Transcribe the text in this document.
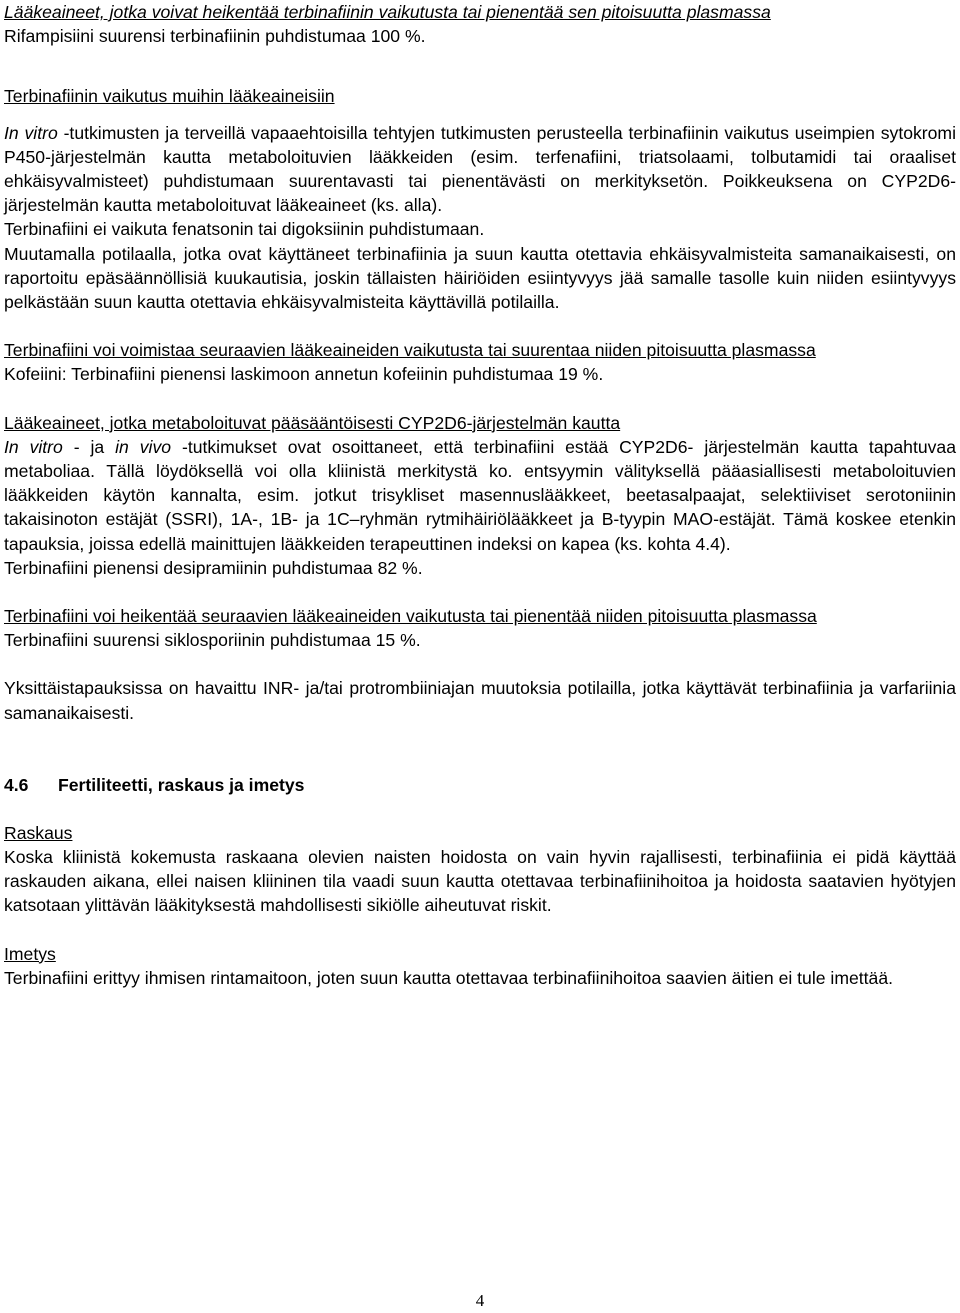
Lääkeaineet, jotka voivat heikentää terbinafiinin vaikutusta tai pienentää sen pitoisuutta plasmassa

Rifampisiini suurensi terbinafiinin puhdistumaa 100 %.

Terbinafiinin vaikutus muihin lääkeaineisiin

In vitro -tutkimusten ja terveillä vapaaehtoisilla tehtyjen tutkimusten perusteella terbinafiinin vaikutus useimpien sytokromi P450-järjestelmän kautta metaboloituvien lääkkeiden (esim. terfenafiini, triatsolaami, tolbutamidi tai oraaliset ehkäisyvalmisteet) puhdistumaan suurentavasti tai pienentävästi on merkityksetön. Poikkeuksena on CYP2D6- järjestelmän kautta metaboloituvat lääkeaineet (ks. alla).

Terbinafiini ei vaikuta fenatsonin tai digoksiinin puhdistumaan.

Muutamalla potilaalla, jotka ovat käyttäneet terbinafiinia ja suun kautta otettavia ehkäisyvalmisteita samanaikaisesti, on raportoitu epäsäännöllisiä kuukautisia, joskin tällaisten häiriöiden esiintyvyys jää samalle tasolle kuin niiden esiintyvyys pelkästään suun kautta otettavia ehkäisyvalmisteita käyttävillä potilailla.

Terbinafiini voi voimistaa seuraavien lääkeaineiden vaikutusta tai suurentaa niiden pitoisuutta plasmassa

Kofeiini: Terbinafiini pienensi laskimoon annetun kofeiinin puhdistumaa 19 %.

Lääkeaineet, jotka metaboloituvat pääsääntöisesti CYP2D6-järjestelmän kautta

In vitro - ja in vivo -tutkimukset ovat osoittaneet, että terbinafiini estää CYP2D6- järjestelmän kautta tapahtuvaa metaboliaa. Tällä löydöksellä voi olla kliinistä merkitystä ko. entsyymin välityksellä pääasiallisesti metaboloituvien lääkkeiden käytön kannalta, esim. jotkut trisykliset masennuslääkkeet, beetasalpaajat, selektiiviset serotoniinin takaisinoton estäjät (SSRI), 1A-, 1B- ja 1C–ryhmän rytmihäiriölääkkeet ja B-tyypin MAO-estäjät. Tämä koskee etenkin tapauksia, joissa edellä mainittujen lääkkeiden terapeuttinen indeksi on kapea (ks. kohta 4.4).

Terbinafiini pienensi desipramiinin puhdistumaa 82 %.

Terbinafiini voi heikentää seuraavien lääkeaineiden vaikutusta tai pienentää niiden pitoisuutta plasmassa

Terbinafiini suurensi siklosporiinin puhdistumaa 15 %.

Yksittäistapauksissa on havaittu INR- ja/tai protrombiiniajan muutoksia potilailla, jotka käyttävät terbinafiinia ja varfariinia samanaikaisesti.

4.6 Fertiliteetti, raskaus ja imetys

Raskaus

Koska kliinistä kokemusta raskaana olevien naisten hoidosta on vain hyvin rajallisesti, terbinafiinia ei pidä käyttää raskauden aikana, ellei naisen kliininen tila vaadi suun kautta otettavaa terbinafiinihoitoa ja hoidosta saatavien hyötyjen katsotaan ylittävän lääkityksestä mahdollisesti sikiölle aiheutuvat riskit.

Imetys

Terbinafiini erittyy ihmisen rintamaitoon, joten suun kautta otettavaa terbinafiinihoitoa saavien äitien ei tule imettää.

4
